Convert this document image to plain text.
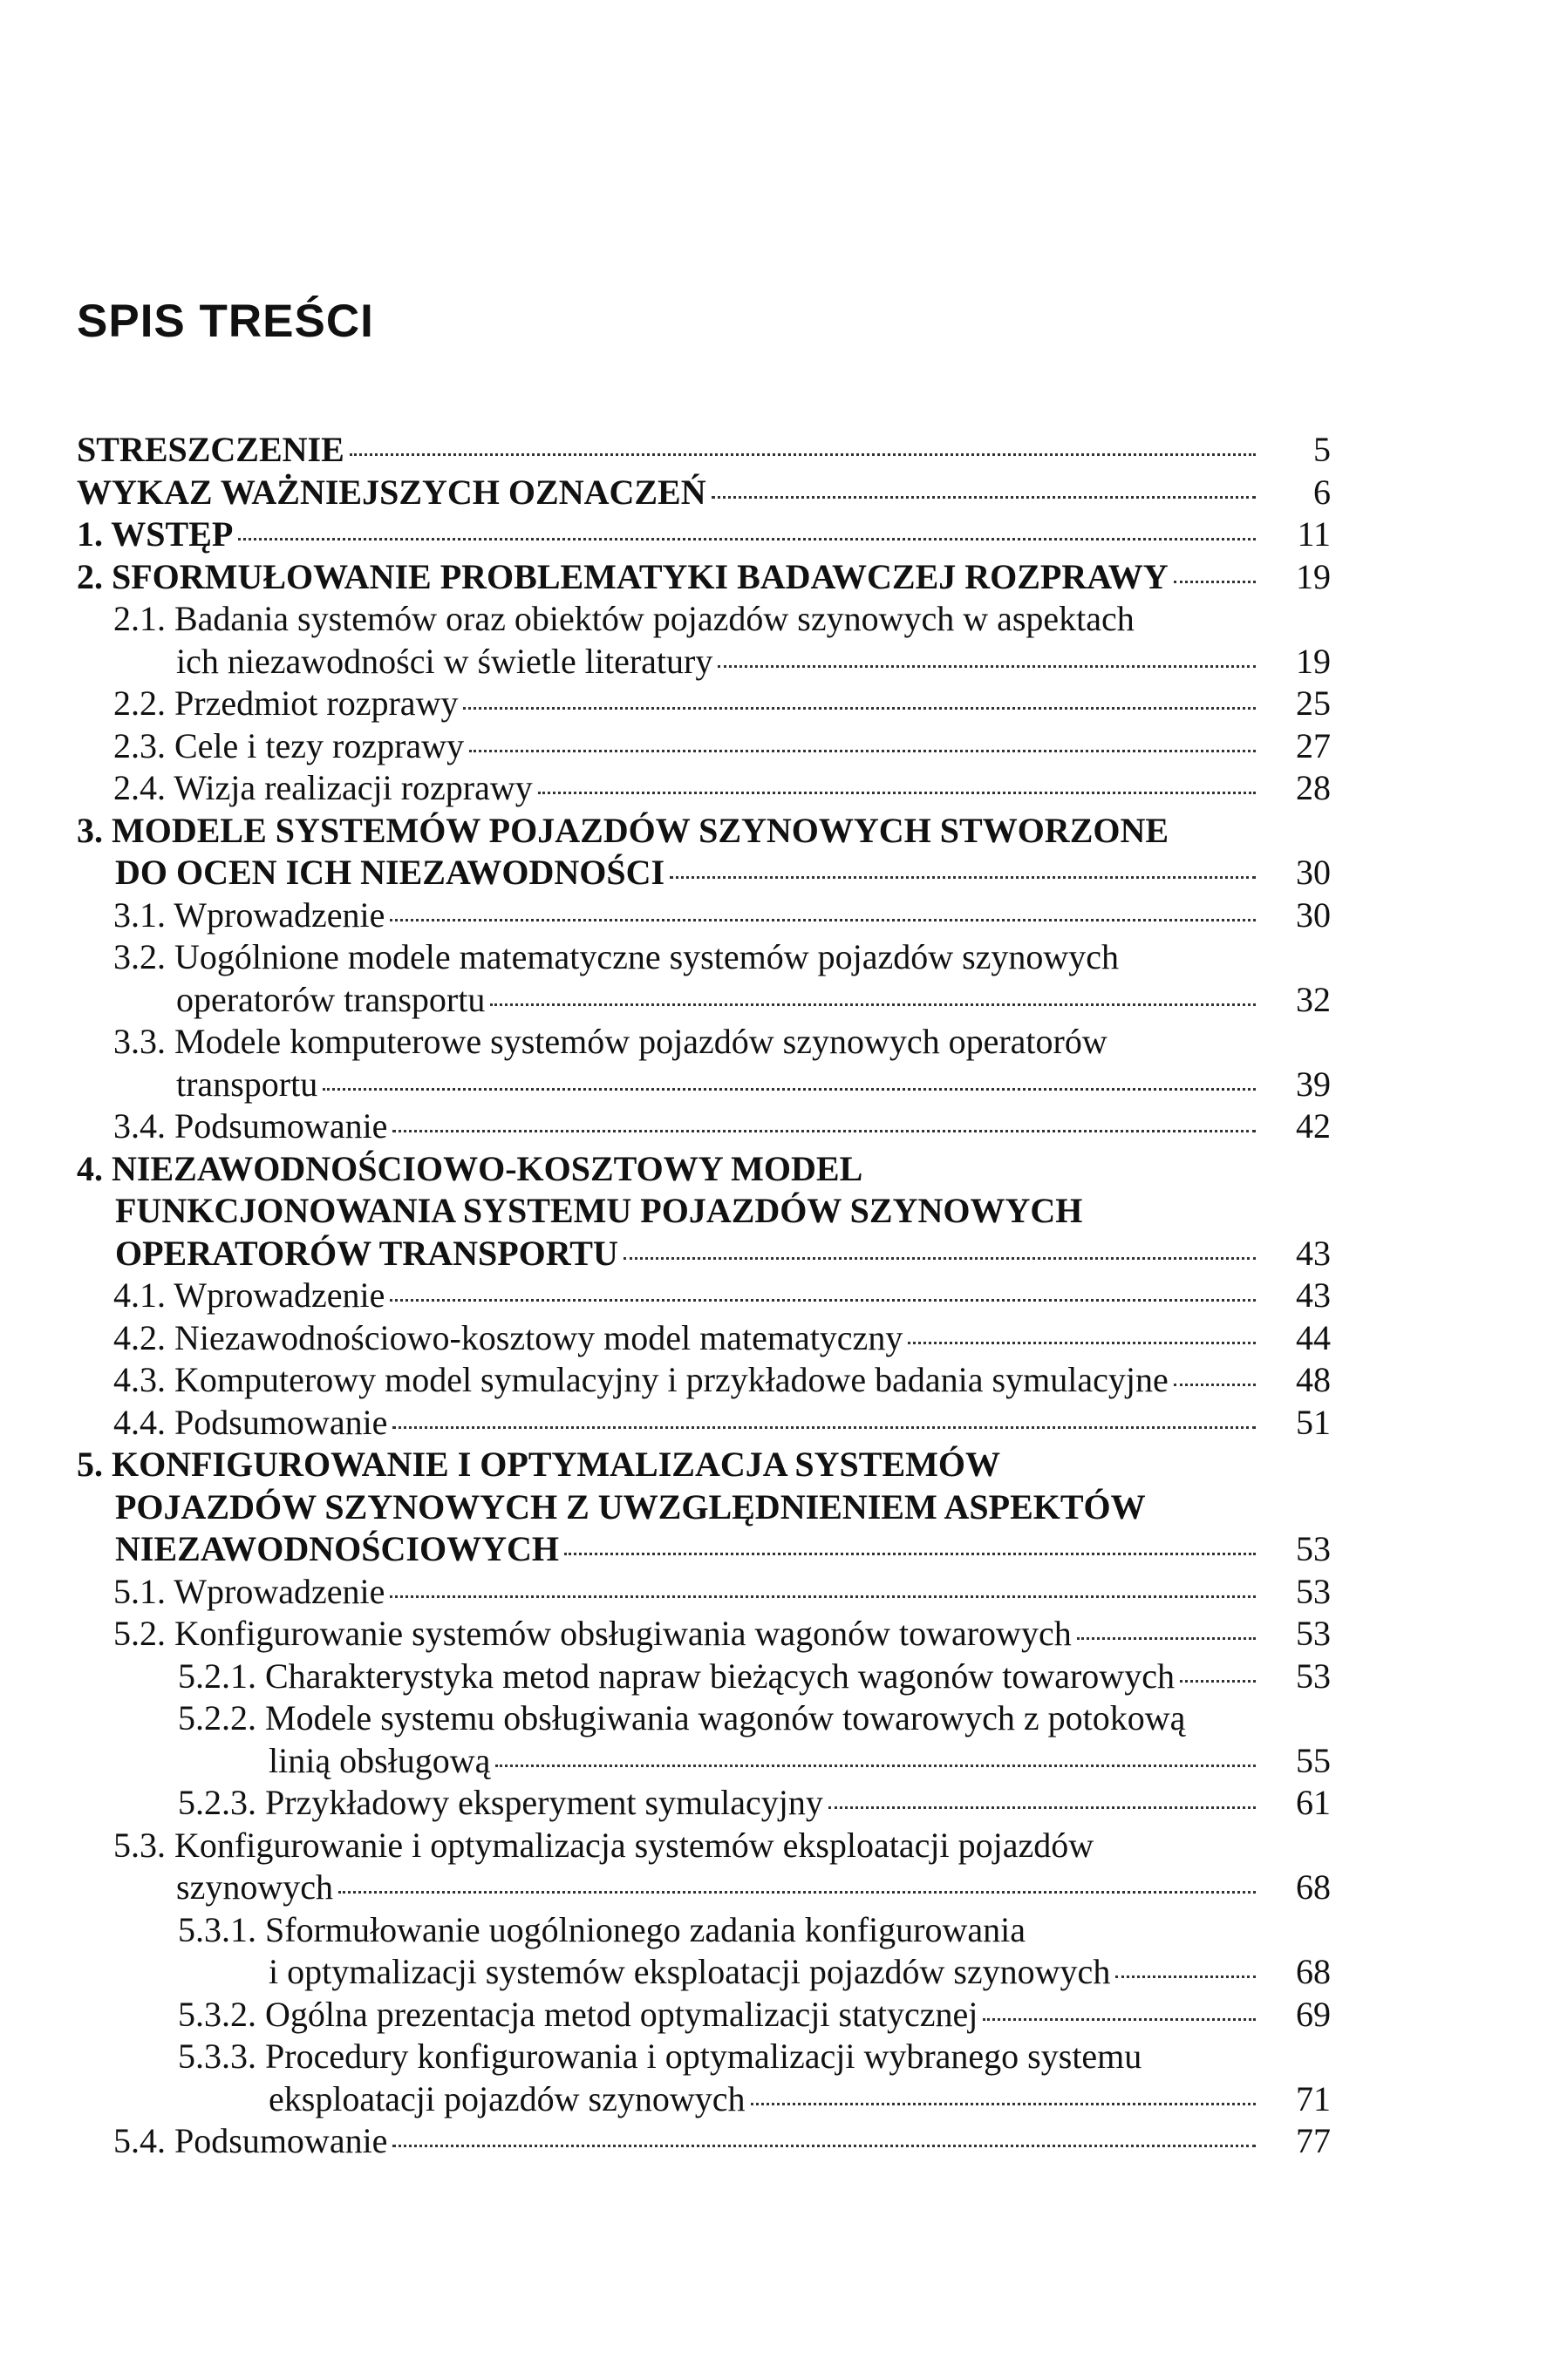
SPIS TREŚCI
STRESZCZENIE	5
WYKAZ WAŻNIEJSZYCH OZNACZEŃ	6
1. WSTĘP	11
2. SFORMUŁOWANIE PROBLEMATYKI BADAWCZEJ ROZPRAWY	19
2.1. Badania systemów oraz obiektów pojazdów szynowych w aspektach
ich niezawodności w świetle literatury	19
2.2. Przedmiot rozprawy	25
2.3. Cele i tezy rozprawy	27
2.4. Wizja realizacji rozprawy	28
3. MODELE SYSTEMÓW POJAZDÓW SZYNOWYCH STWORZONE
DO OCEN ICH NIEZAWODNOŚCI	30
3.1. Wprowadzenie	30
3.2. Uogólnione modele matematyczne systemów pojazdów szynowych
operatorów transportu	32
3.3. Modele komputerowe systemów pojazdów szynowych operatorów
transportu	39
3.4. Podsumowanie	42
4. NIEZAWODNOŚCIOWO-KOSZTOWY MODEL
FUNKCJONOWANIA SYSTEMU POJAZDÓW SZYNOWYCH
OPERATORÓW TRANSPORTU	43
4.1. Wprowadzenie	43
4.2. Niezawodnościowo-kosztowy model matematyczny	44
4.3. Komputerowy model symulacyjny i przykładowe badania symulacyjne	48
4.4. Podsumowanie	51
5. KONFIGUROWANIE I OPTYMALIZACJA SYSTEMÓW
POJAZDÓW SZYNOWYCH Z UWZGLĘDNIENIEM ASPEKTÓW
NIEZAWODNOŚCIOWYCH	53
5.1. Wprowadzenie	53
5.2. Konfigurowanie systemów obsługiwania wagonów towarowych	53
5.2.1. Charakterystyka metod napraw bieżących wagonów towarowych	53
5.2.2. Modele systemu obsługiwania wagonów towarowych z potokową
linią obsługową	55
5.2.3. Przykładowy eksperyment symulacyjny	61
5.3. Konfigurowanie i optymalizacja systemów eksploatacji pojazdów
szynowych	68
5.3.1. Sformułowanie uogólnionego zadania konfigurowania
i optymalizacji systemów eksploatacji pojazdów szynowych	68
5.3.2. Ogólna prezentacja metod optymalizacji statycznej	69
5.3.3. Procedury konfigurowania i optymalizacji wybranego systemu
eksploatacji pojazdów szynowych	71
5.4. Podsumowanie	77
